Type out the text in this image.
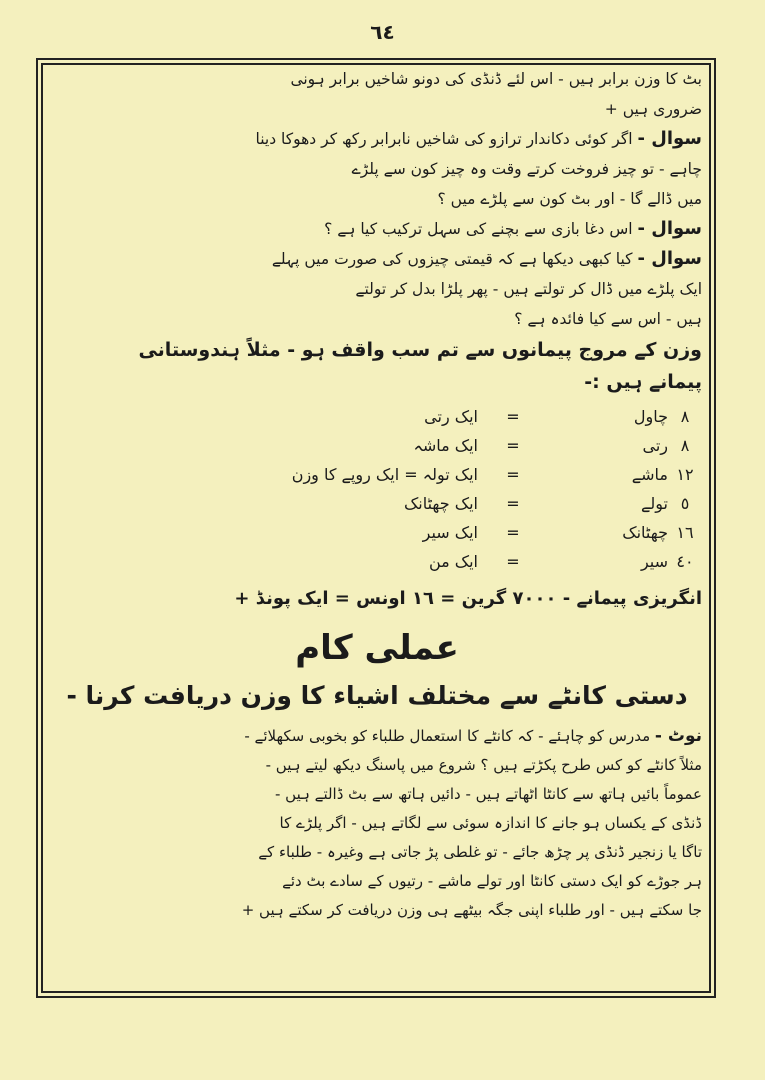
٦٤
بٹ کا وزن برابر ہیں - اس لئے ڈنڈی کی دونو شاخیں برابر ہونی
ضروری ہیں +
سوال - اگر کوئی دکاندار ترازو کی شاخیں نابرابر رکھ کر دھوکا دینا
چاہے - تو چیز فروخت کرتے وقت وہ چیز کون سے پلڑے
میں ڈالے گا - اور بٹ کون سے پلڑے میں ؟
سوال - اس دغا بازی سے بچنے کی سہل ترکیب کیا ہے ؟
سوال - کیا کبھی دیکھا ہے کہ قیمتی چیزوں کی صورت میں پہلے
ایک پلڑے میں ڈال کر تولتے ہیں - پھر پلڑا بدل کر تولتے
ہیں - اس سے کیا فائدہ ہے ؟
وزن کے مروج پیمانوں سے تم سب واقف ہو - مثلاً ہندوستانی
پیمانے ہیں :-
٨
چاول
=
ایک رتی
٨
رتی
=
ایک ماشہ
١٢
ماشے
=
ایک تولہ = ایک روپے کا وزن
٥
تولے
=
ایک چھٹانک
١٦
چھٹانک
=
ایک سیر
٤٠
سیر
=
ایک من
انگریزی پیمانے - ۷۰۰۰ گرین = ١٦ اونس = ایک پونڈ +
عملی کام
دستی کانٹے سے مختلف اشیاء کا وزن دریافت کرنا -
نوٹ - مدرس کو چاہئے - کہ کانٹے کا استعمال طلباء کو بخوبی سکھلائے -
مثلاً کانٹے کو کس طرح پکڑتے ہیں ؟ شروع میں پاسنگ دیکھ لیتے ہیں -
عموماً بائیں ہاتھ سے کانٹا اٹھاتے ہیں - دائیں ہاتھ سے بٹ ڈالتے ہیں -
ڈنڈی کے یکساں ہو جانے کا اندازہ سوئی سے لگاتے ہیں - اگر پلڑے کا
تاگا یا زنجیر ڈنڈی پر چڑھ جائے - تو غلطی پڑ جاتی ہے وغیرہ - طلباء کے
ہر جوڑے کو ایک دستی کانٹا اور تولے ماشے - رتیوں کے سادے بٹ دئے
جا سکتے ہیں - اور طلباء اپنی جگہ بیٹھے ہی وزن دریافت کر سکتے ہیں +
